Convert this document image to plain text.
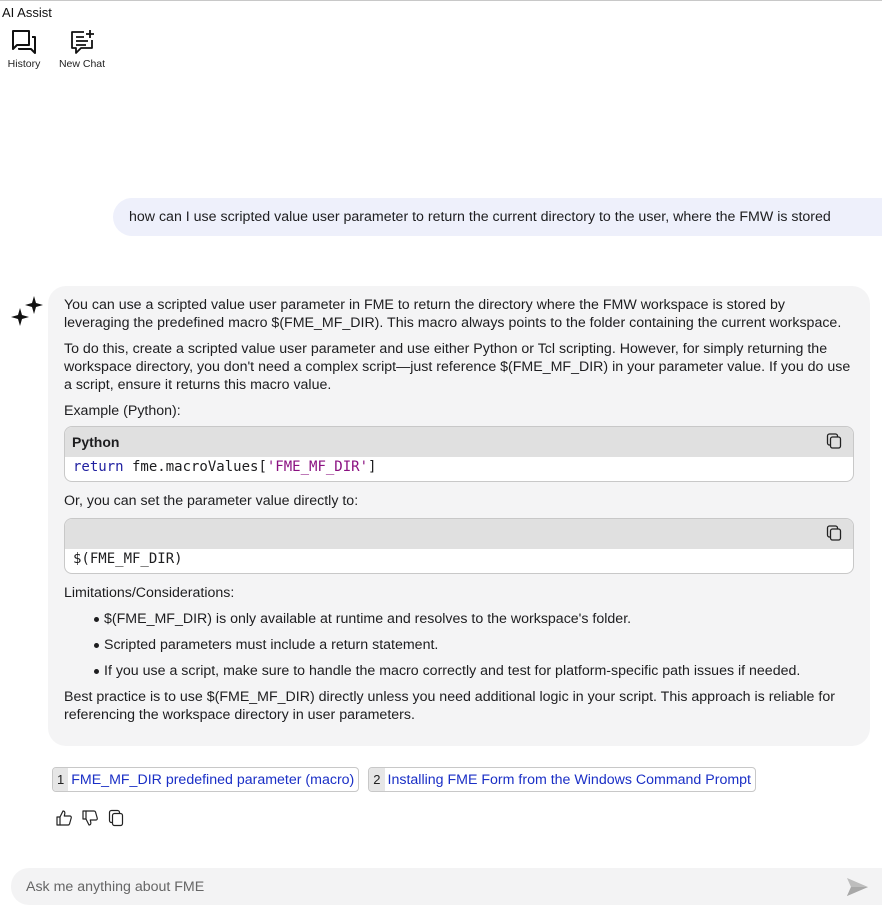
AI Assist
History New Chat
how can I use scripted value user parameter to return the current directory to the user, where the FMW is stored

You can use a scripted value user parameter in FME to return the directory where the FMW workspace is stored by leveraging the predefined macro $(FME_MF_DIR). This macro always points to the folder containing the current workspace.

To do this, create a scripted value user parameter and use either Python or Tcl scripting. However, for simply returning the workspace directory, you don't need a complex script—just reference $(FME_MF_DIR) in your parameter value. If you do use a script, ensure it returns this macro value.

Example (Python):

Python
return fme.macroValues['FME_MF_DIR']

Or, you can set the parameter value directly to:

$(FME_MF_DIR)

Limitations/Considerations:

$(FME_MF_DIR) is only available at runtime and resolves to the workspace's folder.
Scripted parameters must include a return statement.
If you use a script, make sure to handle the macro correctly and test for platform-specific path issues if needed.

Best practice is to use $(FME_MF_DIR) directly unless you need additional logic in your script. This approach is reliable for referencing the workspace directory in user parameters.

1 FME_MF_DIR predefined parameter (macro)	2 Installing FME Form from the Windows Command Prompt
Ask me anything about FME
